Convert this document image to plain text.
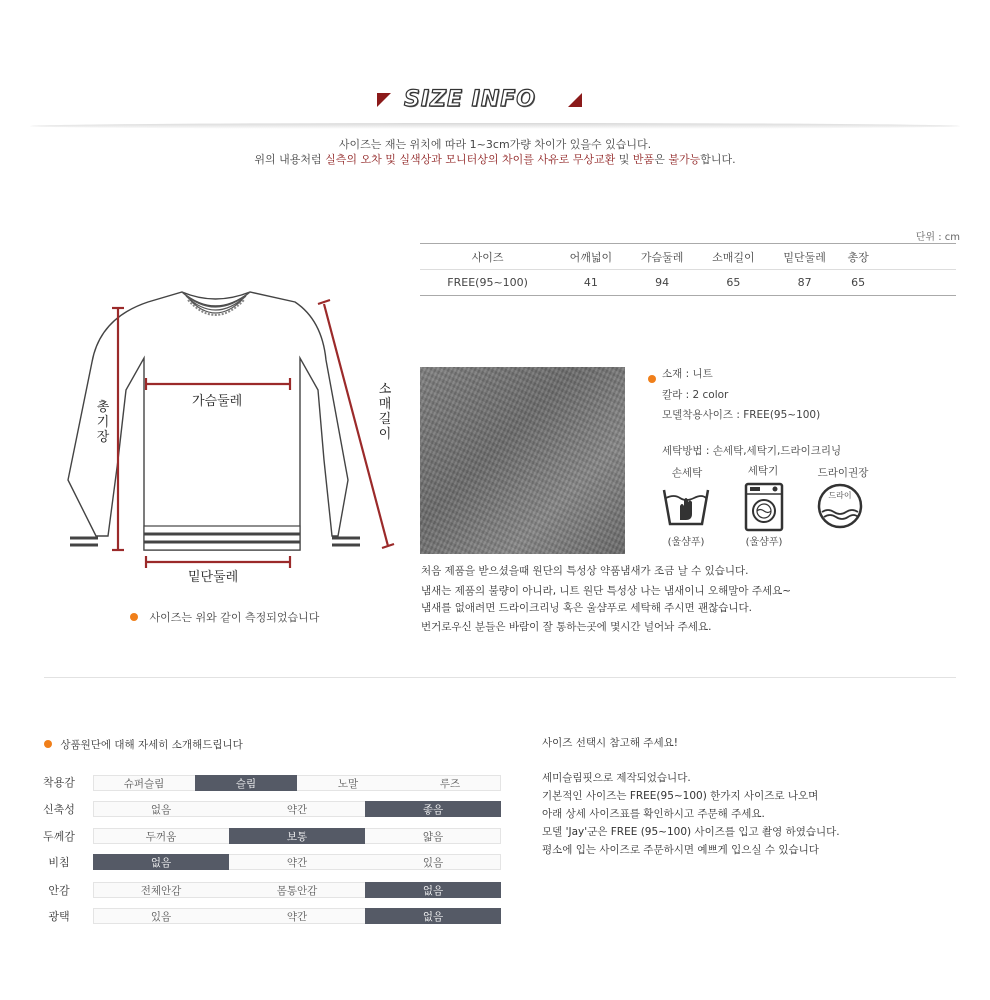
SIZE INFO
사이즈는 재는 위치에 따라 1~3cm가량 차이가 있을수 있습니다.
위의 내용처럼 실측의 오차 및 실색상과 모니터상의 차이를 사유로 무상교환 및 반품은 불가능합니다.
단위 : cm
사이즈	어깨넓이	가슴둘레	소매길이	밑단둘레	총장	
FREE(95~100)	41	94	65	87	65	
가슴둘레
밑단둘레
총
기
장
소
매
길
이
사이즈는 위와 같이 측정되었습니다
소재 : 니트
칼라 : 2 color
모델착용사이즈 : FREE(95~100)
세탁방법 : 손세탁,세탁기,드라이크리닝
손세탁	세탁기	드라이권장
드라이
(울샴푸)	(울샴푸)
처음 제품을 받으셨을때 원단의 특성상 약품냄새가 조금 날 수 있습니다.
냄새는 제품의 불량이 아니라, 니트 원단 특성상 나는 냄새이니 오해말아 주세요~
냄새를 없애려면 드라이크리닝 혹은 울샴푸로 세탁해 주시면 괜찮습니다.
번거로우신 분들은 바람이 잘 통하는곳에 몇시간 널어놔 주세요.
상품원단에 대해 자세히 소개해드립니다
착용감	슈퍼슬림	슬림	노말	루즈
신축성	없음	약간	좋음
두께감	두꺼움	보통	얇음
비침	없음	약간	있음
안감	전체안감	몸통안감	없음
광택	있음	약간	없음
사이즈 선택시 참고해 주세요!
세미슬림핏으로 제작되었습니다.
기본적인 사이즈는 FREE(95~100) 한가지 사이즈로 나오며
아래 상세 사이즈표를 확인하시고 주문해 주세요.
모델 'Jay'군은 FREE (95~100) 사이즈를 입고 촬영 하였습니다.
평소에 입는 사이즈로 주문하시면 예쁘게 입으실 수 있습니다
